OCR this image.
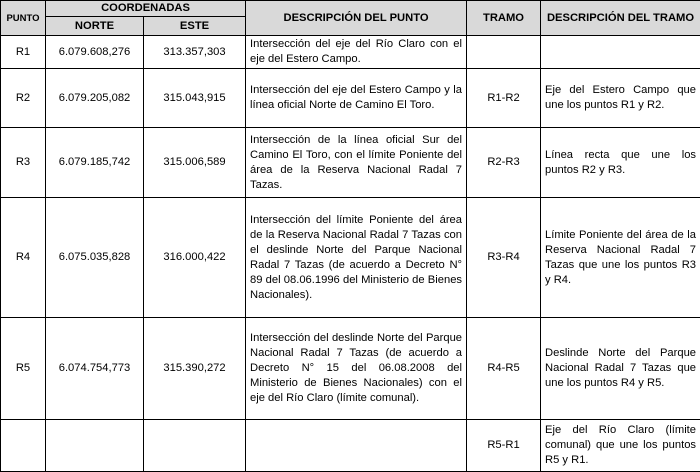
PUNTO	COORDENADAS		DESCRIPCIÓN DEL PUNTO	TRAMO	DESCRIPCIÓN DEL TRAMO
	NORTE	ESTE			
R1	6.079.608,276	313.357,303	Intersección del eje del Río Claro con el eje del Estero Campo.		
R2	6.079.205,082	315.043,915	Intersección del eje del Estero Campo y la línea oficial Norte de Camino El Toro.	R1-R2	Eje del Estero Campo que une los puntos R1 y R2.
R3	6.079.185,742	315.006,589	Intersección de la línea oficial Sur del Camino El Toro, con el límite Poniente del área de la Reserva Nacional Radal 7 Tazas.	R2-R3	Línea recta que une los puntos R2 y R3.
R4	6.075.035,828	316.000,422	Intersección del límite Poniente del área de la Reserva Nacional Radal 7 Tazas con el deslinde Norte del Parque Nacional Radal 7 Tazas (de acuerdo a Decreto N° 89 del 08.06.1996 del Ministerio de Bienes Nacionales).	R3-R4	Límite Poniente del área de la Reserva Nacional Radal 7 Tazas que une los puntos R3 y R4.
R5	6.074.754,773	315.390,272	Intersección del deslinde Norte del Parque Nacional Radal 7 Tazas (de acuerdo a Decreto N° 15 del 06.08.2008 del Ministerio de Bienes Nacionales) con el eje del Río Claro (límite comunal).	R4-R5	Deslinde Norte del Parque Nacional Radal 7 Tazas que une los puntos R4 y R5.
				R5-R1	Eje del Río Claro (límite comunal) que une los puntos R5 y R1.
